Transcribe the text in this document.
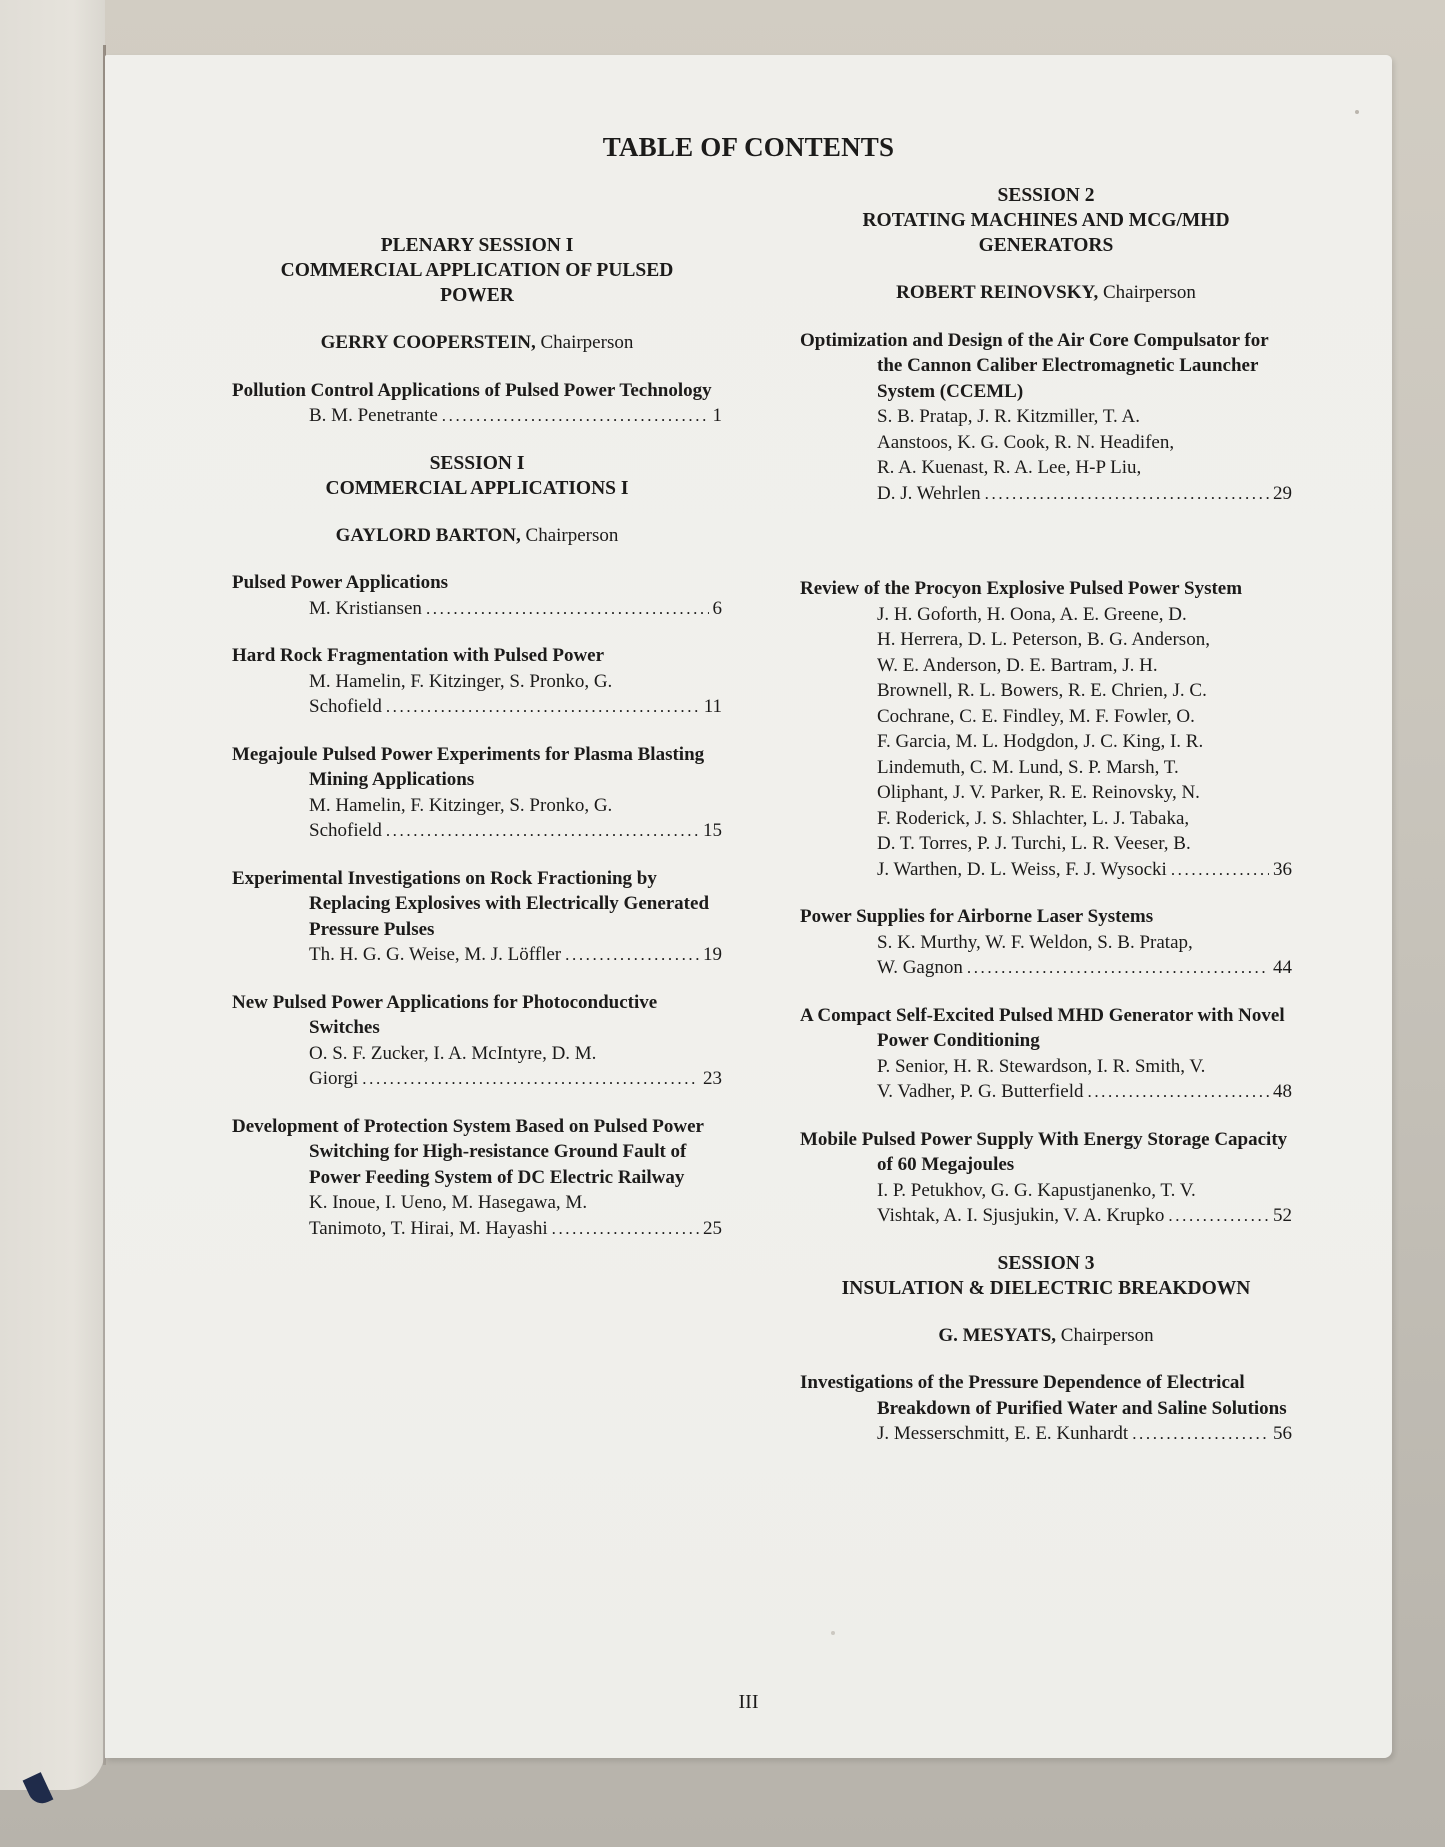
TABLE OF CONTENTS
PLENARY SESSION I
COMMERCIAL APPLICATION OF PULSED
POWER
GERRY COOPERSTEIN, Chairperson
Pollution Control Applications of Pulsed Power Technology
B. M. Penetrante .....	1
SESSION I
COMMERCIAL APPLICATIONS I
GAYLORD BARTON, Chairperson
Pulsed Power Applications
M. Kristiansen .....	6
Hard Rock Fragmentation with Pulsed Power
M. Hamelin, F. Kitzinger, S. Pronko, G.
Schofield .....	11
Megajoule Pulsed Power Experiments for Plasma Blasting Mining Applications
M. Hamelin, F. Kitzinger, S. Pronko, G.
Schofield .....	15
Experimental Investigations on Rock Fractioning by Replacing Explosives with Electrically Generated Pressure Pulses
Th. H. G. G. Weise, M. J. Löffler .....	19
New Pulsed Power Applications for Photoconductive Switches
O. S. F. Zucker, I. A. McIntyre, D. M.
Giorgi .....	23
Development of Protection System Based on Pulsed Power Switching for High-resistance Ground Fault of Power Feeding System of DC Electric Railway
K. Inoue, I. Ueno, M. Hasegawa, M.
Tanimoto, T. Hirai, M. Hayashi .....	25
SESSION 2
ROTATING MACHINES AND MCG/MHD
GENERATORS
ROBERT REINOVSKY, Chairperson
Optimization and Design of the Air Core Compulsator for the Cannon Caliber Electromagnetic Launcher System (CCEML)
S. B. Pratap, J. R. Kitzmiller, T. A.
Aanstoos, K. G. Cook, R. N. Headifen,
R. A. Kuenast, R. A. Lee, H-P Liu,
D. J. Wehrlen .....	29
Review of the Procyon Explosive Pulsed Power System
J. H. Goforth, H. Oona, A. E. Greene, D.
H. Herrera, D. L. Peterson, B. G. Anderson,
W. E. Anderson, D. E. Bartram, J. H.
Brownell, R. L. Bowers, R. E. Chrien, J. C.
Cochrane, C. E. Findley, M. F. Fowler, O.
F. Garcia, M. L. Hodgdon, J. C. King, I. R.
Lindemuth, C. M. Lund, S. P. Marsh, T.
Oliphant, J. V. Parker, R. E. Reinovsky, N.
F. Roderick, J. S. Shlachter, L. J. Tabaka,
D. T. Torres, P. J. Turchi, L. R. Veeser, B.
J. Warthen, D. L. Weiss, F. J. Wysocki .....	36
Power Supplies for Airborne Laser Systems
S. K. Murthy, W. F. Weldon, S. B. Pratap,
W. Gagnon .....	44
A Compact Self-Excited Pulsed MHD Generator with Novel Power Conditioning
P. Senior, H. R. Stewardson, I. R. Smith, V.
V. Vadher, P. G. Butterfield .....	48
Mobile Pulsed Power Supply With Energy Storage Capacity of 60 Megajoules
I. P. Petukhov, G. G. Kapustjanenko, T. V.
Vishtak, A. I. Sjusjukin, V. A. Krupko .....	52
SESSION 3
INSULATION & DIELECTRIC BREAKDOWN
G. MESYATS, Chairperson
Investigations of the Pressure Dependence of Electrical Breakdown of Purified Water and Saline Solutions
J. Messerschmitt, E. E. Kunhardt .....	56
III
